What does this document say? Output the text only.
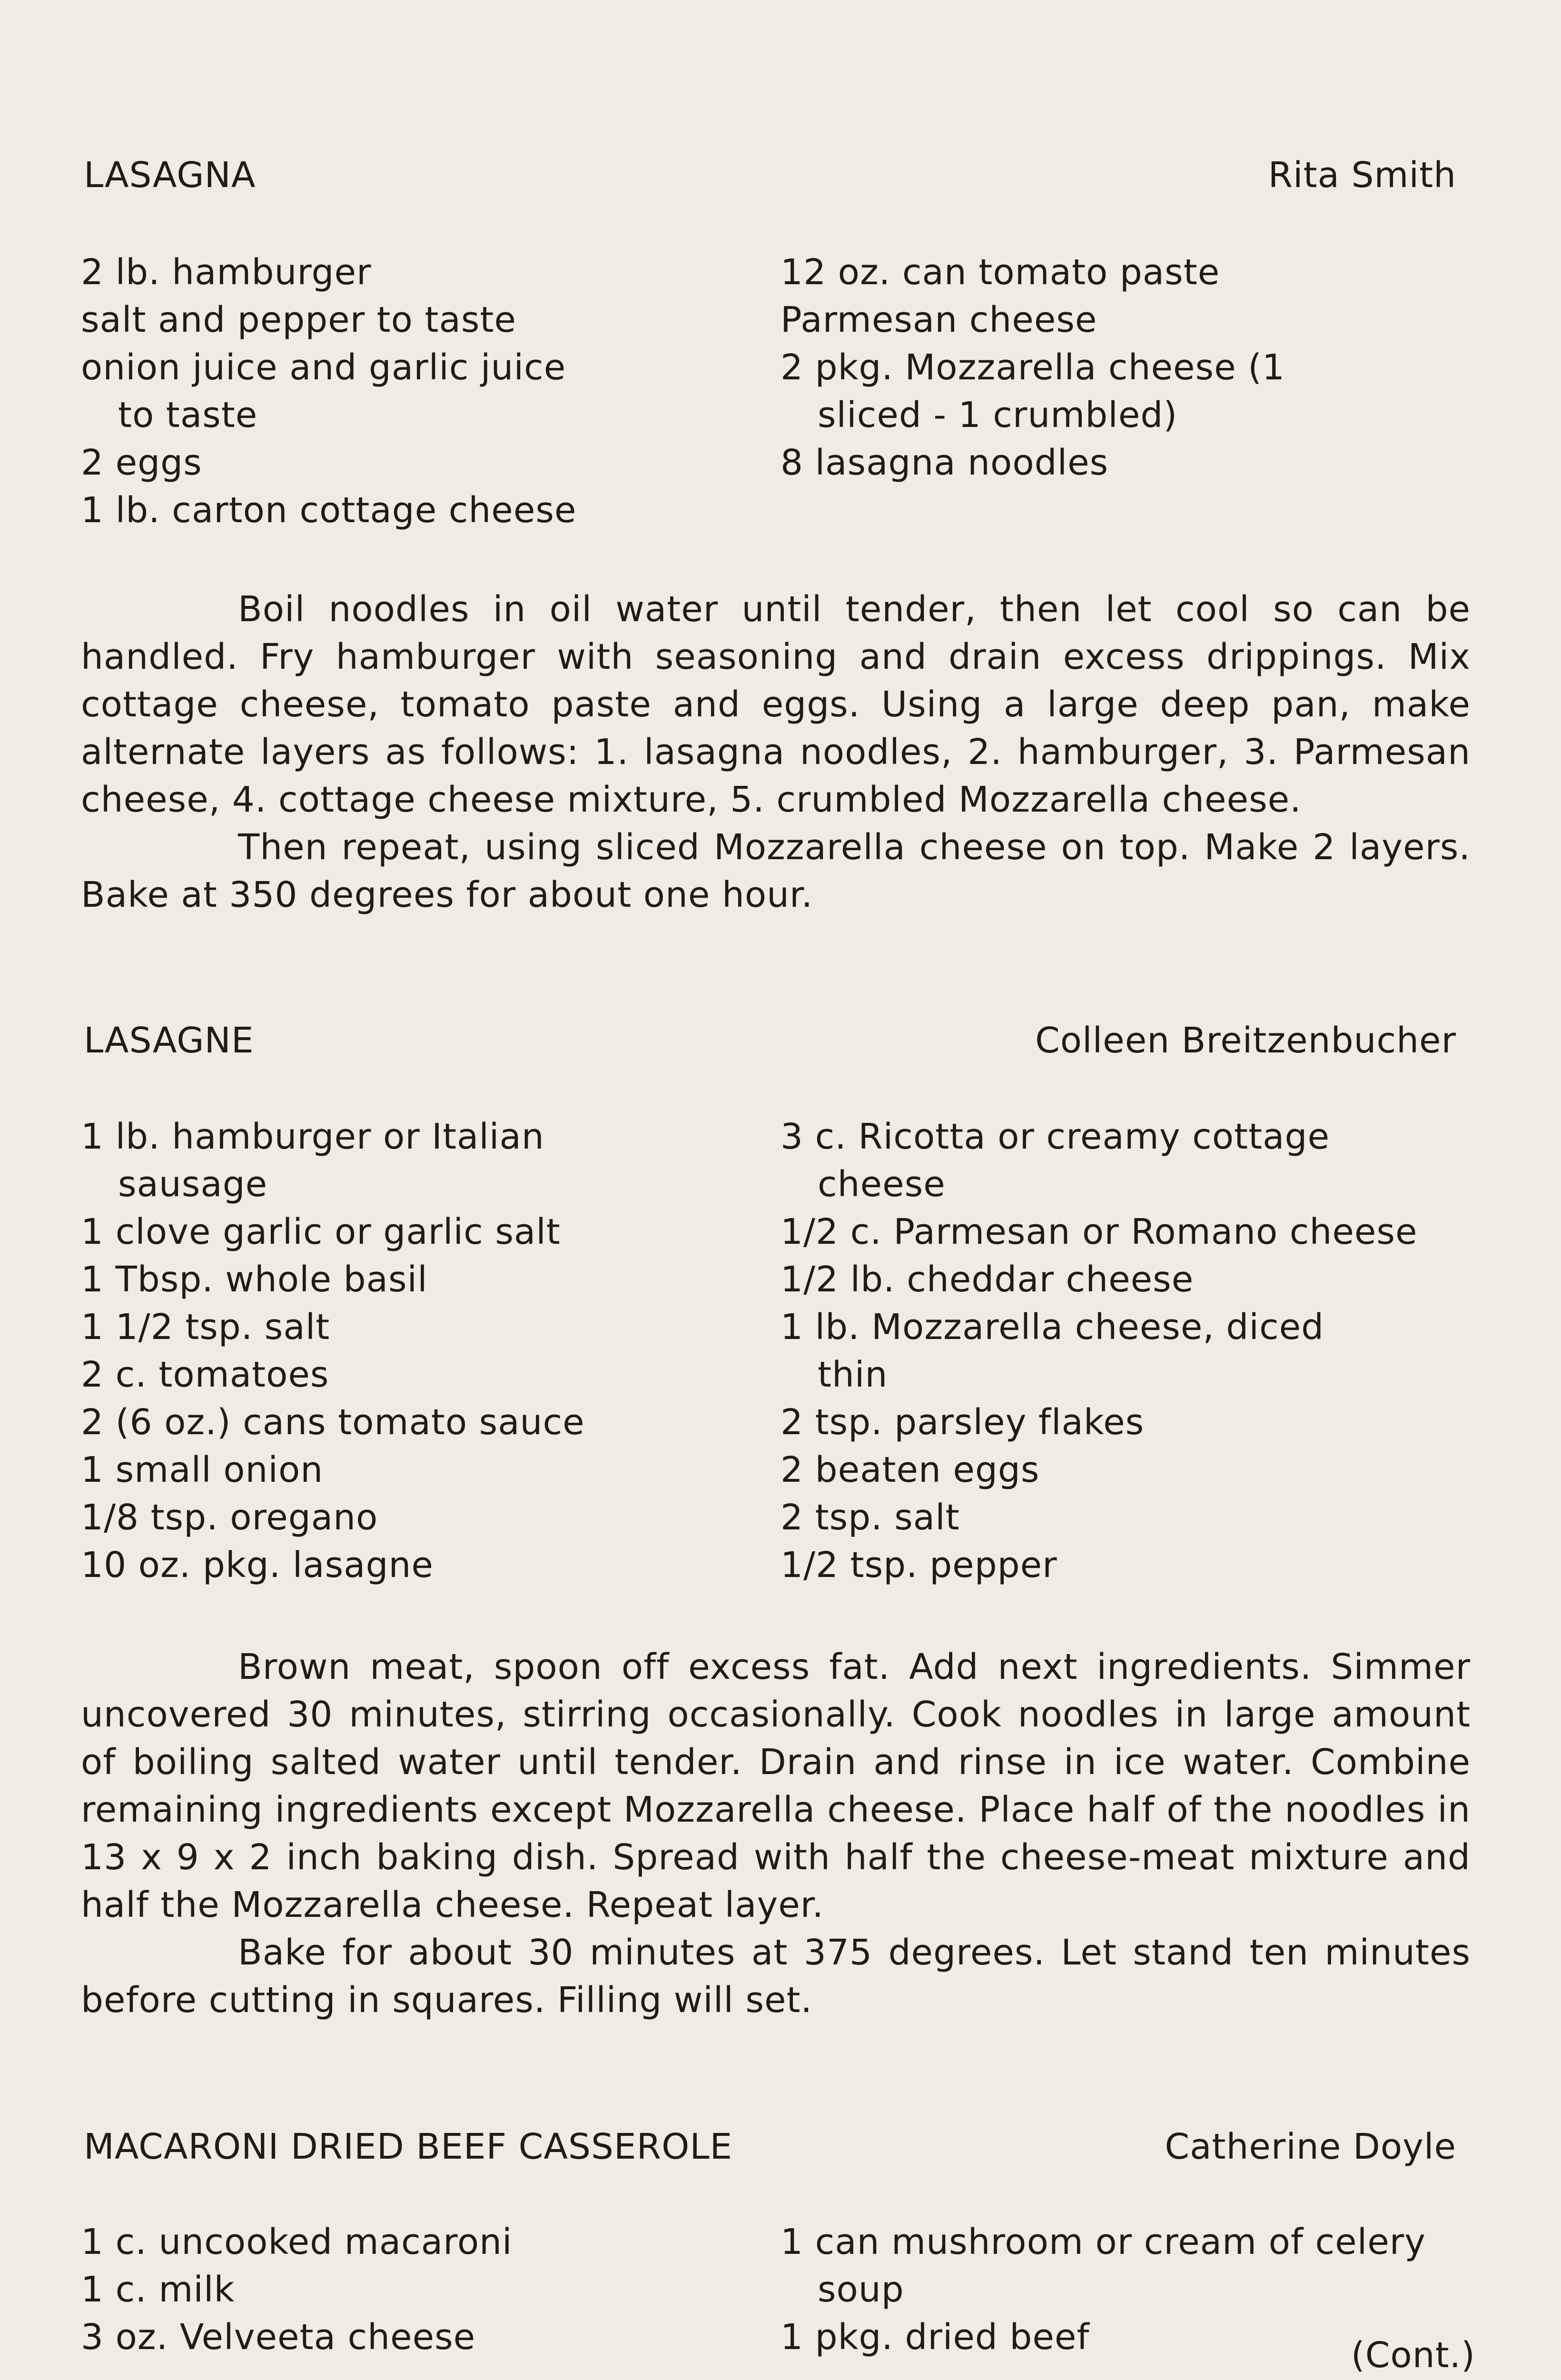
LASAGNA	Rita Smith
2 lb. hamburger
salt and pepper to taste
onion juice and garlic juice
to taste
2 eggs
1 lb. carton cottage cheese
12 oz. can tomato paste
Parmesan cheese
2 pkg. Mozzarella cheese (1
sliced - 1 crumbled)
8 lasagna noodles

Boil noodles in oil water until tender, then let cool so can be handled. Fry hamburger with seasoning and drain excess drippings. Mix cottage cheese, tomato paste and eggs. Using a large deep pan, make alternate layers as follows: 1. lasagna noodles, 2. hamburger, 3. Parmesan cheese, 4. cottage cheese mixture, 5. crumbled Mozzarella cheese.

Then repeat, using sliced Mozzarella cheese on top. Make 2 layers. Bake at 350 degrees for about one hour.

LASAGNE	Colleen Breitzenbucher
1 lb. hamburger or Italian
sausage
1 clove garlic or garlic salt
1 Tbsp. whole basil
1 1/2 tsp. salt
2 c. tomatoes
2 (6 oz.) cans tomato sauce
1 small onion
1/8 tsp. oregano
10 oz. pkg. lasagne
3 c. Ricotta or creamy cottage
cheese
1/2 c. Parmesan or Romano cheese
1/2 lb. cheddar cheese
1 lb. Mozzarella cheese, diced
thin
2 tsp. parsley flakes
2 beaten eggs
2 tsp. salt
1/2 tsp. pepper

Brown meat, spoon off excess fat. Add next ingredients. Simmer uncovered 30 minutes, stirring occasionally. Cook noodles in large amount of boiling salted water until tender. Drain and rinse in ice water. Combine remaining ingredients except Mozzarella cheese. Place half of the noodles in 13 x 9 x 2 inch baking dish. Spread with half the cheese-meat mixture and half the Mozzarella cheese. Repeat layer.

Bake for about 30 minutes at 375 degrees. Let stand ten minutes before cutting in squares. Filling will set.

MACARONI DRIED BEEF CASSEROLE	Catherine Doyle
1 c. uncooked macaroni
1 c. milk
3 oz. Velveeta cheese
1 can mushroom or cream of celery
soup
1 pkg. dried beef	(Cont.)
